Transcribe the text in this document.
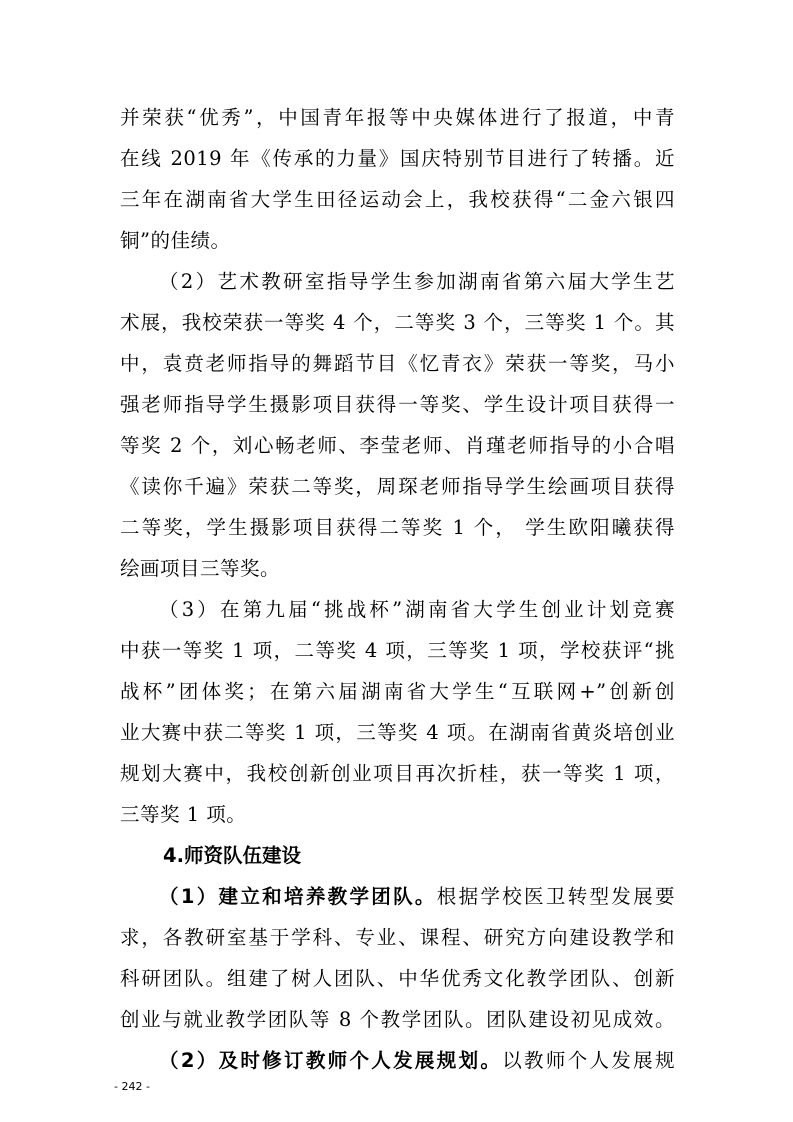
并荣获“优秀”，中国青年报等中央媒体进行了报道，中青
在线 2019 年《传承的力量》国庆特别节目进行了转播。近
三年在湖南省大学生田径运动会上，我校获得“二金六银四
铜”的佳绩。
（2）艺术教研室指导学生参加湖南省第六届大学生艺
术展，我校荣获一等奖 4 个，二等奖 3 个，三等奖 1 个。其
中，袁贲老师指导的舞蹈节目《忆青衣》荣获一等奖，马小
强老师指导学生摄影项目获得一等奖、学生设计项目获得一
等奖 2 个，刘心畅老师、李莹老师、肖瑾老师指导的小合唱
《读你千遍》荣获二等奖，周琛老师指导学生绘画项目获得
二等奖，学生摄影项目获得二等奖 1 个， 学生欧阳曦获得
绘画项目三等奖。
（3）在第九届“挑战杯”湖南省大学生创业计划竞赛
中获一等奖 1 项，二等奖 4 项，三等奖 1 项，学校获评“挑
战杯”团体奖；在第六届湖南省大学生“互联网+”创新创
业大赛中获二等奖 1 项，三等奖 4 项。在湖南省黄炎培创业
规划大赛中，我校创新创业项目再次折桂，获一等奖 1 项，
三等奖 1 项。
4.师资队伍建设
（1）建立和培养教学团队。根据学校医卫转型发展要
求，各教研室基于学科、专业、课程、研究方向建设教学和
科研团队。组建了树人团队、中华优秀文化教学团队、创新
创业与就业教学团队等 8 个教学团队。团队建设初见成效。
（2）及时修订教师个人发展规划。以教师个人发展规
- 242 -
